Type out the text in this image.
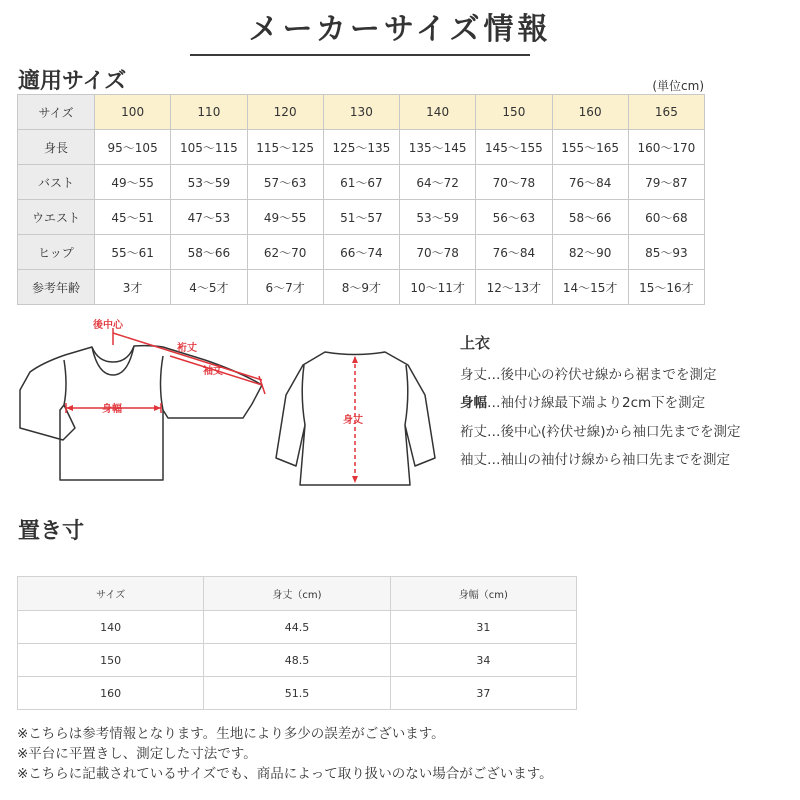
メーカーサイズ情報
適用サイズ	(単位cm)
サイズ	100	110	120	130	140	150	160	165
身長	95〜105	105〜115	115〜125	125〜135	135〜145	145〜155	155〜165	160〜170
バスト	49〜55	53〜59	57〜63	61〜67	64〜72	70〜78	76〜84	79〜87
ウエスト	45〜51	47〜53	49〜55	51〜57	53〜59	56〜63	58〜66	60〜68
ヒップ	55〜61	58〜66	62〜70	66〜74	70〜78	76〜84	82〜90	85〜93
参考年齢	3才	4〜5才	6〜7才	8〜9才	10〜11才	12〜13才	14〜15才	15〜16才
後中心
裄丈
袖丈
身幅
身丈
上衣
身丈…後中心の衿伏せ線から裾までを測定
身幅…袖付け線最下端より2cm下を測定
裄丈…後中心(衿伏せ線)から袖口先までを測定
袖丈…袖山の袖付け線から袖口先までを測定
置き寸
サイズ	身丈（cm)	身幅（cm)
140	44.5	31
150	48.5	34
160	51.5	37
※こちらは参考情報となります。生地により多少の誤差がございます。
※平台に平置きし、測定した寸法です。
※こちらに記載されているサイズでも、商品によって取り扱いのない場合がございます。
